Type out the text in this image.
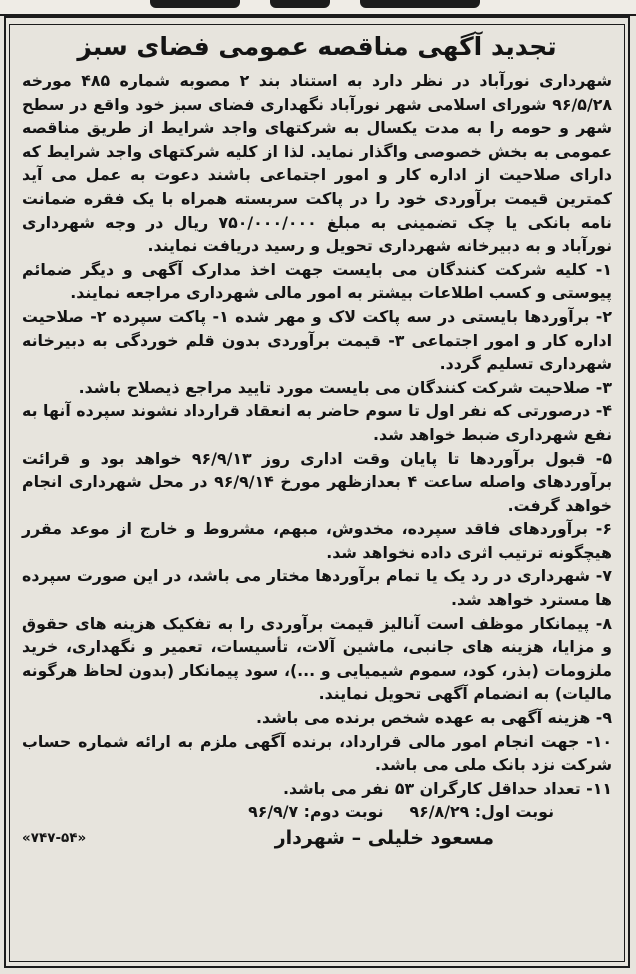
تجدید آگهی مناقصه عمومی فضای سبز

شهرداری نورآباد در نظر دارد به استناد بند ۲ مصوبه شماره ۴۸۵ مورخه ۹۶/۵/۲۸ شورای اسلامی شهر نورآباد نگهداری فضای سبز خود واقع در سطح شهر و حومه را به مدت یکسال به شرکتهای واجد شرایط از طریق مناقصه عمومی به بخش خصوصی واگذار نماید. لذا از کلیه شرکتهای واجد شرایط که دارای صلاحیت از اداره کار و امور اجتماعی باشند دعوت به عمل می آید کمترین قیمت برآوردی خود را در پاکت سربسته همراه با یک فقره ضمانت نامه بانکی یا چک تضمینی به مبلغ ۷۵۰/۰۰۰/۰۰۰ ریال در وجه شهرداری نورآباد و به دبیرخانه شهرداری تحویل و رسید دریافت نمایند.

۱- کلیه شرکت کنندگان می بایست جهت اخذ مدارک آگهی و دیگر ضمائم پیوستی و کسب اطلاعات بیشتر به امور مالی شهرداری مراجعه نمایند.

۲- برآوردها بایستی در سه پاکت لاک و مهر شده ۱- پاکت سپرده ۲- صلاحیت اداره کار و امور اجتماعی ۳- قیمت برآوردی بدون قلم خوردگی به دبیرخانه شهرداری تسلیم گردد.

۳- صلاحیت شرکت کنندگان می بایست مورد تایید مراجع ذیصلاح باشد.

۴- درصورتی که نفر اول تا سوم حاضر به انعقاد قرارداد نشوند سپرده آنها به نفع شهرداری ضبط خواهد شد.

۵- قبول برآوردها تا پایان وقت اداری روز ۹۶/۹/۱۳ خواهد بود و قرائت برآوردهای واصله ساعت ۴ بعدازظهر مورخ ۹۶/۹/۱۴ در محل شهرداری انجام خواهد گرفت.

۶- برآوردهای فاقد سپرده، مخدوش، مبهم، مشروط و خارج از موعد مقرر هیچگونه ترتیب اثری داده نخواهد شد.

۷- شهرداری در رد یک یا تمام برآوردها مختار می باشد، در این صورت سپرده ها مسترد خواهد شد.

۸- پیمانکار موظف است آنالیز قیمت برآوردی را به تفکیک هزینه های حقوق و مزایا، هزینه های جانبی، ماشین آلات، تأسیسات، تعمیر و نگهداری، خرید ملزومات (بذر، کود، سموم شیمیایی و ...)، سود پیمانکار (بدون لحاظ هرگونه مالیات) به انضمام آگهی تحویل نمایند.

۹- هزینه آگهی به عهده شخص برنده می باشد.

۱۰- جهت انجام امور مالی قرارداد، برنده آگهی ملزم به ارائه شماره حساب شرکت نزد بانک ملی می باشد.

۱۱- تعداد حداقل کارگران ۵۳ نفر می باشد.

نوبت اول: ۹۶/۸/۲۹
نوبت دوم: ۹۶/۹/۷
مسعود خلیلی – شهردار
«۷۴۷-۵۴»
